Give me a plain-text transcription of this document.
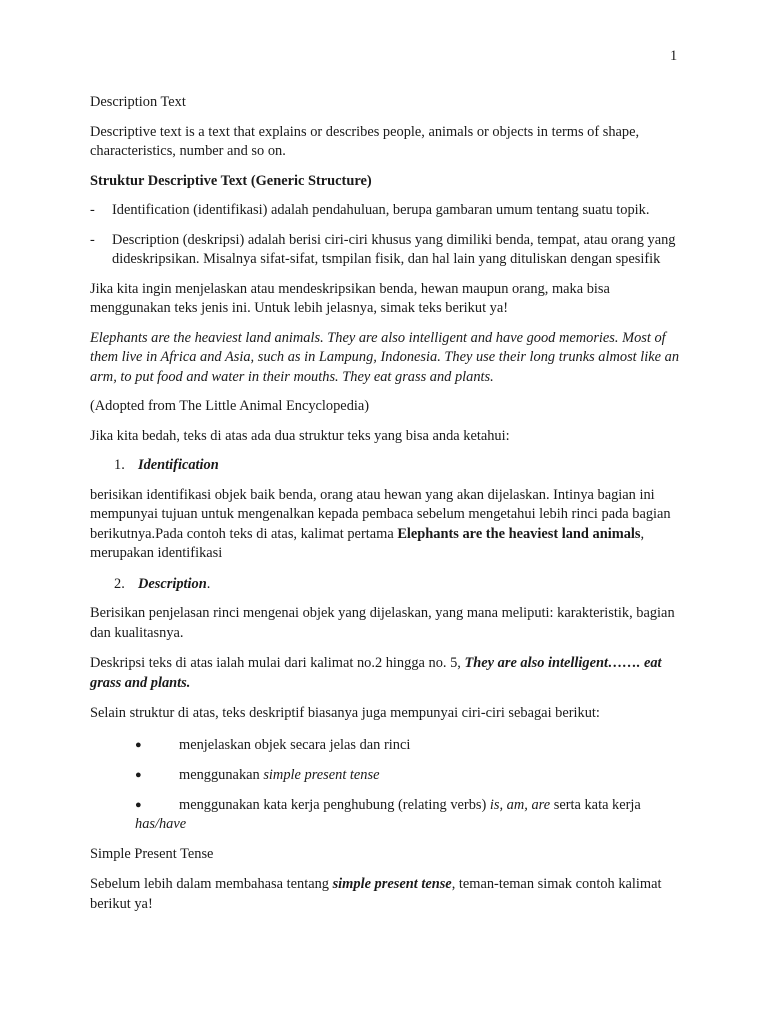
1

Description Text

Descriptive text is a text that explains or describes people, animals or objects in terms of shape, characteristics, number and so on.

Struktur Descriptive Text (Generic Structure)

- Identification (identifikasi) adalah pendahuluan, berupa gambaran umum tentang suatu topik.
- Description (deskripsi) adalah berisi ciri-ciri khusus yang dimiliki benda, tempat, atau orang yang dideskripsikan. Misalnya sifat-sifat, tsmpilan fisik, dan hal lain yang dituliskan dengan spesifik

Jika kita ingin menjelaskan atau mendeskripsikan benda, hewan maupun orang, maka bisa menggunakan teks jenis ini. Untuk lebih jelasnya, simak teks berikut ya!

Elephants are the heaviest land animals. They are also intelligent and have good memories. Most of them live in Africa and Asia, such as in Lampung, Indonesia. They use their long trunks almost like an arm, to put food and water in their mouths. They eat grass and plants.

(Adopted from The Little Animal Encyclopedia)

Jika kita bedah, teks di atas ada dua struktur teks yang bisa anda ketahui:

1. Identification

berisikan identifikasi objek baik benda, orang atau hewan yang akan dijelaskan. Intinya bagian ini mempunyai tujuan untuk mengenalkan kepada pembaca sebelum mengetahui lebih rinci pada bagian berikutnya.Pada contoh teks di atas, kalimat pertama Elephants are the heaviest land animals, merupakan identifikasi

2. Description.

Berisikan penjelasan rinci mengenai objek yang dijelaskan, yang mana meliputi: karakteristik, bagian dan kualitasnya.

Deskripsi teks di atas ialah mulai dari kalimat no.2 hingga no. 5, They are also intelligent……. eat grass and plants.

Selain struktur di atas, teks deskriptif biasanya juga mempunyai ciri-ciri sebagai berikut:

●	menjelaskan objek secara jelas dan rinci
●	menggunakan simple present tense
●	menggunakan kata kerja penghubung (relating verbs) is, am, are serta kata kerja
has/have

Simple Present Tense

Sebelum lebih dalam membahasa tentang simple present tense, teman-teman simak contoh kalimat berikut ya!
